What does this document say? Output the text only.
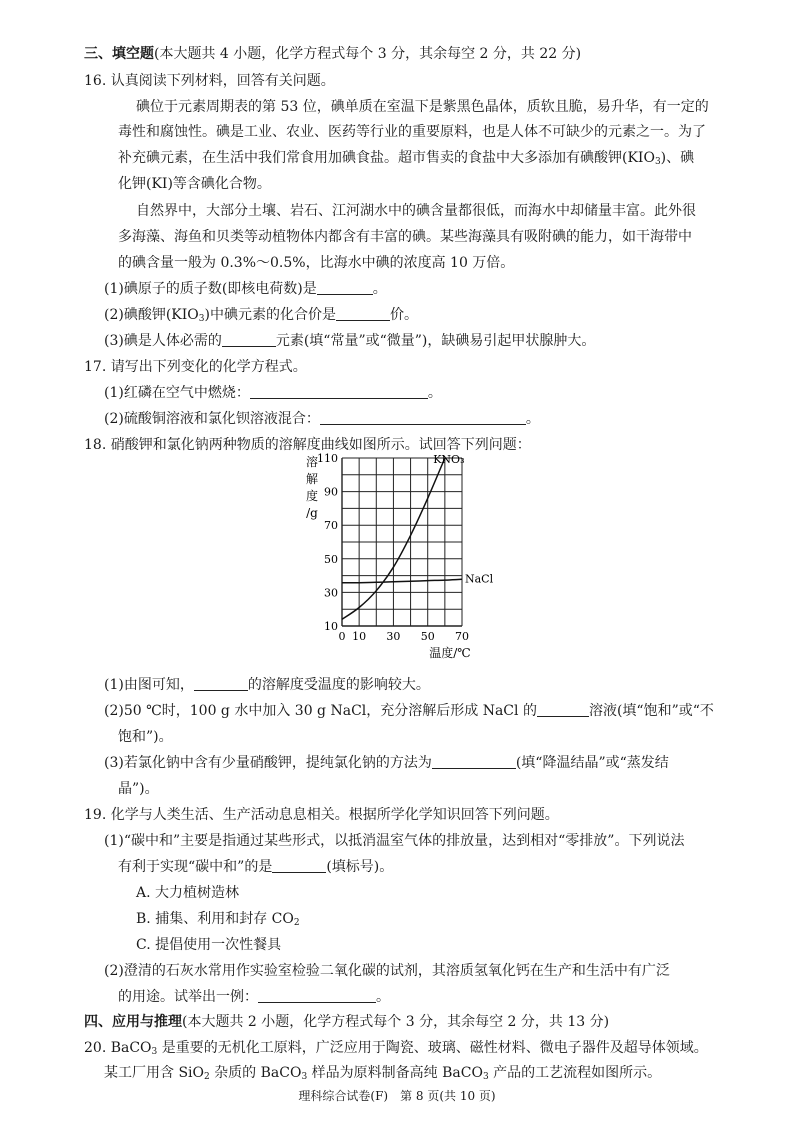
三、填空题(本大题共 4 小题，化学方程式每个 3 分，其余每空 2 分，共 22 分)
16. 认真阅读下列材料，回答有关问题。
碘位于元素周期表的第 53 位，碘单质在室温下是紫黑色晶体，质软且脆，易升华，有一定的
毒性和腐蚀性。碘是工业、农业、医药等行业的重要原料，也是人体不可缺少的元素之一。为了
补充碘元素，在生活中我们常食用加碘食盐。超市售卖的食盐中大多添加有碘酸钾$(KIO_3)$、碘
化钾(KI)等含碘化合物。
自然界中，大部分土壤、岩石、江河湖水中的碘含量都很低，而海水中却储量丰富。此外很
多海藻、海鱼和贝类等动植物体内都含有丰富的碘。某些海藻具有吸附碘的能力，如干海带中
的碘含量一般为 0.3%～0.5%，比海水中碘的浓度高 10 万倍。
(1)碘原子的质子数(即核电荷数)是	。
(2)碘酸钾$(KIO_3)$中碘元素的化合价是	价。
(3)碘是人体必需的	元素(填“常量”或“微量”)，缺碘易引起甲状腺肿大。
17. 请写出下列变化的化学方程式。
(1)红磷在空气中燃烧：	。
(2)硫酸铜溶液和氯化钡溶液混合：	。
18. 硝酸钾和氯化钠两种物质的溶解度曲线如图所示。试回答下列问题：
10
30
50
70
90
110
0 10 30 50 70
溶
解
度
/g
温度/℃
KNO₃
NaCl
(1)由图可知，	的溶解度受温度的影响较大。
(2)50 ℃时，100 g 水中加入 30 g NaCl，充分溶解后形成 NaCl 的	溶液(填“饱和”或“不
饱和”)。
(3)若氯化钠中含有少量硝酸钾，提纯氯化钠的方法为	(填“降温结晶”或“蒸发结
晶”)。
19. 化学与人类生活、生产活动息息相关。根据所学化学知识回答下列问题。
(1)“碳中和”主要是指通过某些形式，以抵消温室气体的排放量，达到相对“零排放”。下列说法
有利于实现“碳中和”的是	(填标号)。
A. 大力植树造林
B. 捕集、利用和封存 $CO_2$
C. 提倡使用一次性餐具
(2)澄清的石灰水常用作实验室检验二氧化碳的试剂，其溶质氢氧化钙在生产和生活中有广泛
的用途。试举出一例：	。
四、应用与推理(本大题共 2 小题，化学方程式每个 3 分，其余每空 2 分，共 13 分)
20. BaCO$_3$ 是重要的无机化工原料，广泛应用于陶瓷、玻璃、磁性材料、微电子器件及超导体领域。
某工厂用含 SiO$_2$ 杂质的 BaCO$_3$ 样品为原料制备高纯 BaCO$_3$ 产品的工艺流程如图所示。
理科综合试卷(F)　第 8 页(共 10 页)
